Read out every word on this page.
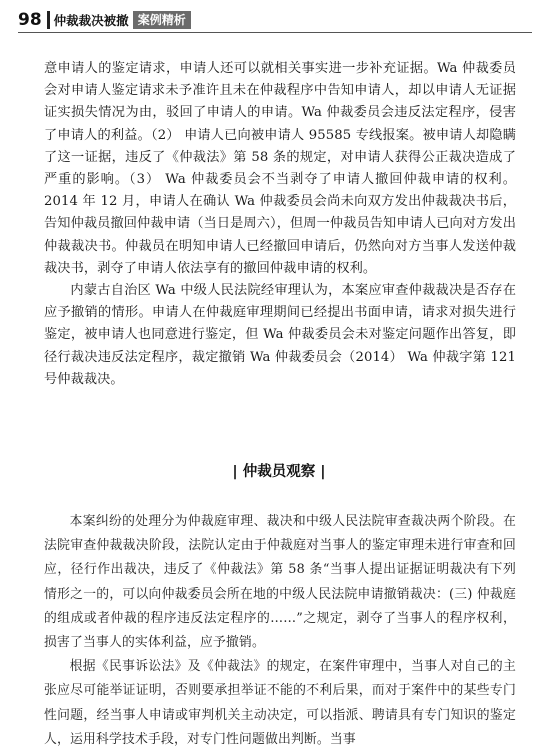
98 仲裁裁决被撤 案例精析

意申请人的鉴定请求，申请人还可以就相关事实进一步补充证据。Wa 仲裁委员会对申请人鉴定请求未予准许且未在仲裁程序中告知申请人，却以申请人无证据证实损失情况为由，驳回了申请人的申请。Wa 仲裁委员会违反法定程序，侵害了申请人的利益。（2） 申请人已向被申请人 95585 专线报案。被申请人却隐瞒了这一证据，违反了《仲裁法》第 58 条的规定，对申请人获得公正裁决造成了严重的影响。（3） Wa 仲裁委员会不当剥夺了申请人撤回仲裁申请的权利。2014 年 12 月，申请人在确认 Wa 仲裁委员会尚未向双方发出仲裁裁决书后，告知仲裁员撤回仲裁申请（当日是周六），但周一仲裁员告知申请人已向对方发出仲裁裁决书。仲裁员在明知申请人已经撤回申请后，仍然向对方当事人发送仲裁裁决书，剥夺了申请人依法享有的撤回仲裁申请的权利。

内蒙古自治区 Wa 中级人民法院经审理认为，本案应审查仲裁裁决是否存在应予撤销的情形。申请人在仲裁庭审理期间已经提出书面申请，请求对损失进行鉴定，被申请人也同意进行鉴定，但 Wa 仲裁委员会未对鉴定问题作出答复，即径行裁决违反法定程序，裁定撤销 Wa 仲裁委员会（2014） Wa 仲裁字第 121 号仲裁裁决。

| 仲裁员观察 |

本案纠纷的处理分为仲裁庭审理、裁决和中级人民法院审查裁决两个阶段。在法院审查仲裁裁决阶段，法院认定由于仲裁庭对当事人的鉴定审理未进行审查和回应，径行作出裁决，违反了《仲裁法》第 58 条“当事人提出证据证明裁决有下列情形之一的，可以向仲裁委员会所在地的中级人民法院申请撤销裁决：(三) 仲裁庭的组成或者仲裁的程序违反法定程序的……”之规定，剥夺了当事人的程序权利，损害了当事人的实体利益，应予撤销。

根据《民事诉讼法》及《仲裁法》的规定，在案件审理中，当事人对自己的主张应尽可能举证证明，否则要承担举证不能的不利后果，而对于案件中的某些专门性问题，经当事人申请或审判机关主动决定，可以指派、聘请具有专门知识的鉴定人，运用科学技术手段，对专门性问题做出判断。当事
